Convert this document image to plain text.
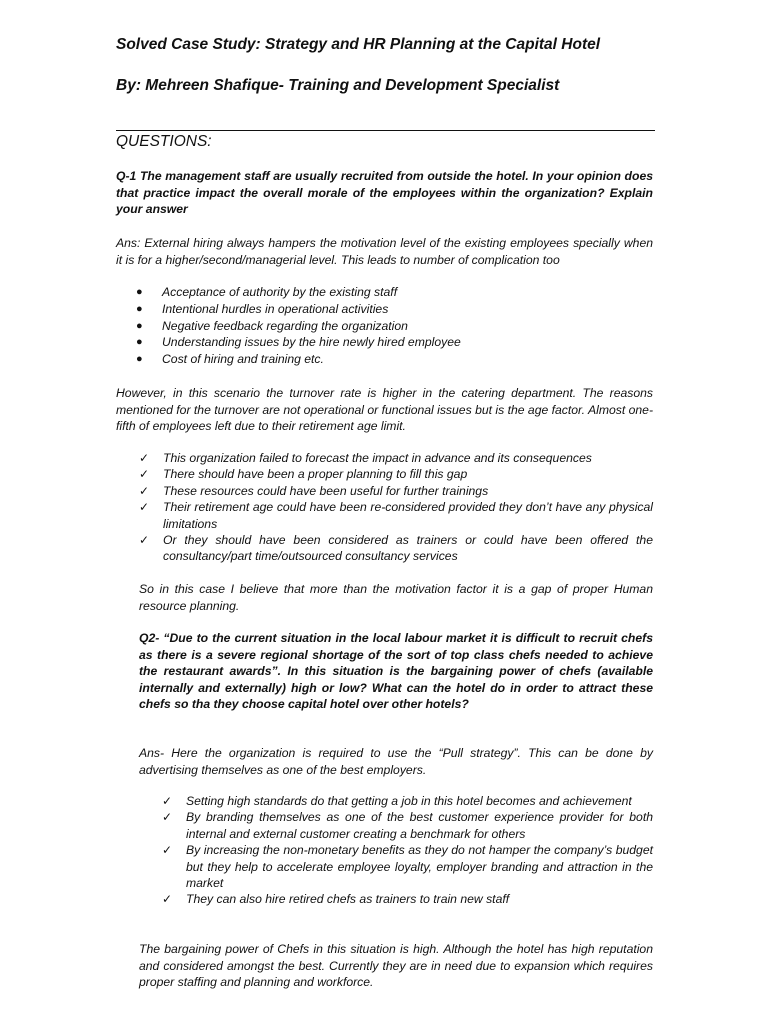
Solved Case Study: Strategy and HR Planning at the Capital Hotel
By: Mehreen Shafique- Training and Development Specialist
QUESTIONS:
Q-1 The management staff are usually recruited from outside the hotel. In your opinion does that practice impact the overall morale of the employees within the organization? Explain your answer
Ans: External hiring always hampers the motivation level of the existing employees specially when it is for a higher/second/managerial level. This leads to number of complication too
● Acceptance of authority by the existing staff
● Intentional hurdles in operational activities
● Negative feedback regarding the organization
● Understanding issues by the hire newly hired employee
● Cost of hiring and training etc.
However, in this scenario the turnover rate is higher in the catering department. The reasons mentioned for the turnover are not operational or functional issues but is the age factor. Almost one-fifth of employees left due to their retirement age limit.
✓ This organization failed to forecast the impact in advance and its consequences
✓ There should have been a proper planning to fill this gap
✓ These resources could have been useful for further trainings
✓ Their retirement age could have been re-considered provided they don’t have any physical limitations
✓ Or they should have been considered as trainers or could have been offered the consultancy/part time/outsourced consultancy services
So in this case I believe that more than the motivation factor it is a gap of proper Human resource planning.
Q2- “Due to the current situation in the local labour market it is difficult to recruit chefs as there is a severe regional shortage of the sort of top class chefs needed to achieve the restaurant awards”. In this situation is the bargaining power of chefs (available internally and externally) high or low? What can the hotel do in order to attract these chefs so tha they choose capital hotel over other hotels?
Ans- Here the organization is required to use the “Pull strategy”. This can be done by advertising themselves as one of the best employers.
✓ Setting high standards do that getting a job in this hotel becomes and achievement
✓ By branding themselves as one of the best customer experience provider for both internal and external customer creating a benchmark for others
✓ By increasing the non-monetary benefits as they do not hamper the company’s budget but they help to accelerate employee loyalty, employer branding and attraction in the market
✓ They can also hire retired chefs as trainers to train new staff
The bargaining power of Chefs in this situation is high. Although the hotel has high reputation and considered amongst the best. Currently they are in need due to expansion which requires proper staffing and planning and workforce.
